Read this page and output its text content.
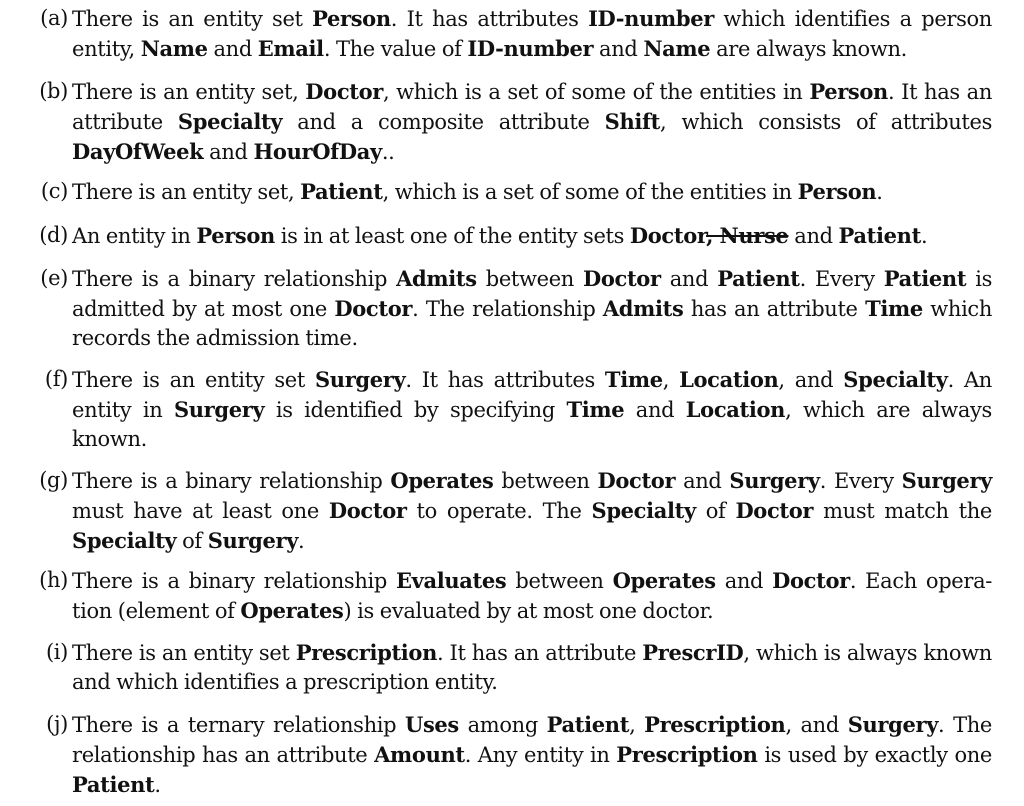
(a) There is an entity set Person. It has attributes ID-number which identifies a person entity, Name and Email. The value of ID-number and Name are always known.
(b) There is an entity set, Doctor, which is a set of some of the entities in Person. It has an attribute Specialty and a composite attribute Shift, which consists of attributes DayOfWeek and HourOfDay..
(c) There is an entity set, Patient, which is a set of some of the entities in Person.
(d) An entity in Person is in at least one of the entity sets Doctor, Nurse and Patient.
(e) There is a binary relationship Admits between Doctor and Patient. Every Patient is admitted by at most one Doctor. The relationship Admits has an attribute Time which records the admission time.
(f) There is an entity set Surgery. It has attributes Time, Location, and Specialty. An entity in Surgery is identified by specifying Time and Location, which are always known.
(g) There is a binary relationship Operates between Doctor and Surgery. Every Surgery must have at least one Doctor to operate. The Specialty of Doctor must match the Specialty of Surgery.
(h) There is a binary relationship Evaluates between Operates and Doctor. Each opera-tion (element of Operates) is evaluated by at most one doctor.
(i) There is an entity set Prescription. It has an attribute PrescrID, which is always known and which identifies a prescription entity.
(j) There is a ternary relationship Uses among Patient, Prescription, and Surgery. The relationship has an attribute Amount. Any entity in Prescription is used by exactly one Patient.
